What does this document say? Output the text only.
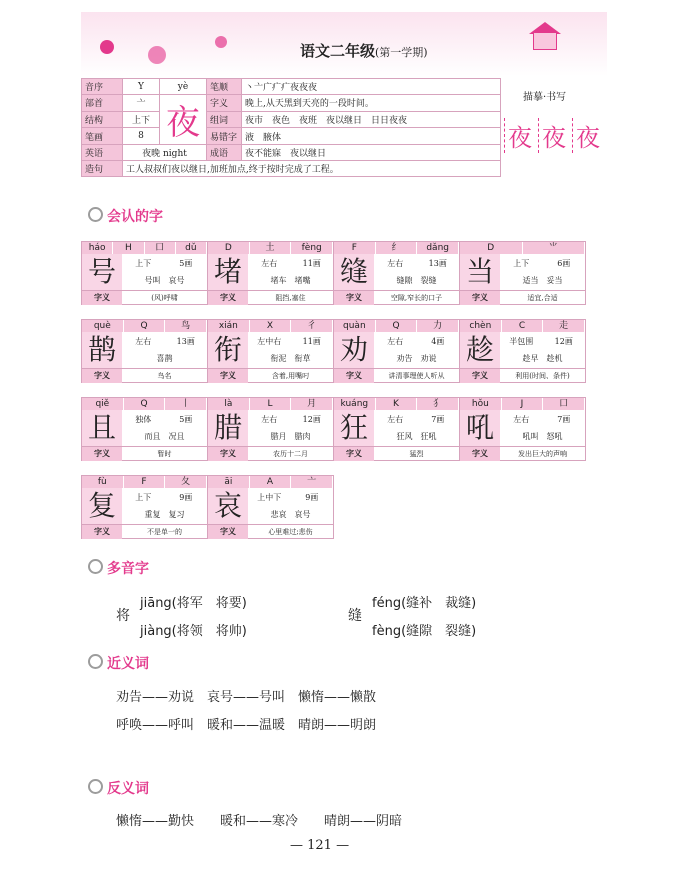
语文二年级(第一学期)
音序	Y	yè	笔顺	丶亠广疒疒夜夜夜	
部首	亠	夜	字义	晚上,从天黑到天亮的一段时间。	
结构	上下		组词	夜市　夜色　夜班　夜以继日　日日夜夜	
笔画	8		易错字	液　腋体	
英语	夜晚 night		成语	夜不能寐　夜以继日	
造句	工人叔叔们夜以继日,加班加点,终于按时完成了工程。				
描摹·书写
夜 夜 夜
会认的字
háo	H	口	dǔ
号	上下	5画
号叫　哀号
字义	(风)呼啸
D	土	fèng
堵	左右	11画
堵车　堵嘴
字义	阻挡,塞住
F	纟	dǎng
缝	左右	13画
缝隙　裂缝
字义	空隙,窄长的口子
D	⺌
当	上下	6画
适当　妥当
字义	适宜,合适
què	Q	鸟
鹊	左右	13画
喜鹊
字义	鸟名
xián	X	彳
衔	左中右	11画
衔泥　衔草
字义	含着,用嘴叼
quàn	Q	力
劝	左右	4画
劝告　劝说
字义	讲清事理使人听从
chèn	C	走
趁	半包围	12画
趁早　趁机
字义	利用(时间、条件)
qiě	Q	丨
且	独体	5画
而且　况且
字义	暂时
là	L	月
腊	左右	12画
腊月　腊肉
字义	农历十二月
kuáng	K	犭
狂	左右	7画
狂风　狂吼
字义	猛烈
hǒu	J	口
吼	左右	7画
吼叫　怒吼
字义	发出巨大的声响
fù	F	夂
复	上下	9画
重复　复习
字义	不是单一的
āi	A	亠
哀	上中下	9画
悲哀　哀号
字义	心里难过;悲伤
多音字
将
jiāng(将军　将要)
jiàng(将领　将帅)
缝
féng(缝补　裁缝)
fèng(缝隙　裂缝)
近义词
劝告——劝说　哀号——号叫　懒惰——懒散
呼唤——呼叫　暖和——温暖　晴朗——明朗
反义词
懒惰——勤快　　暖和——寒冷　　晴朗——阴暗
— 121 —
